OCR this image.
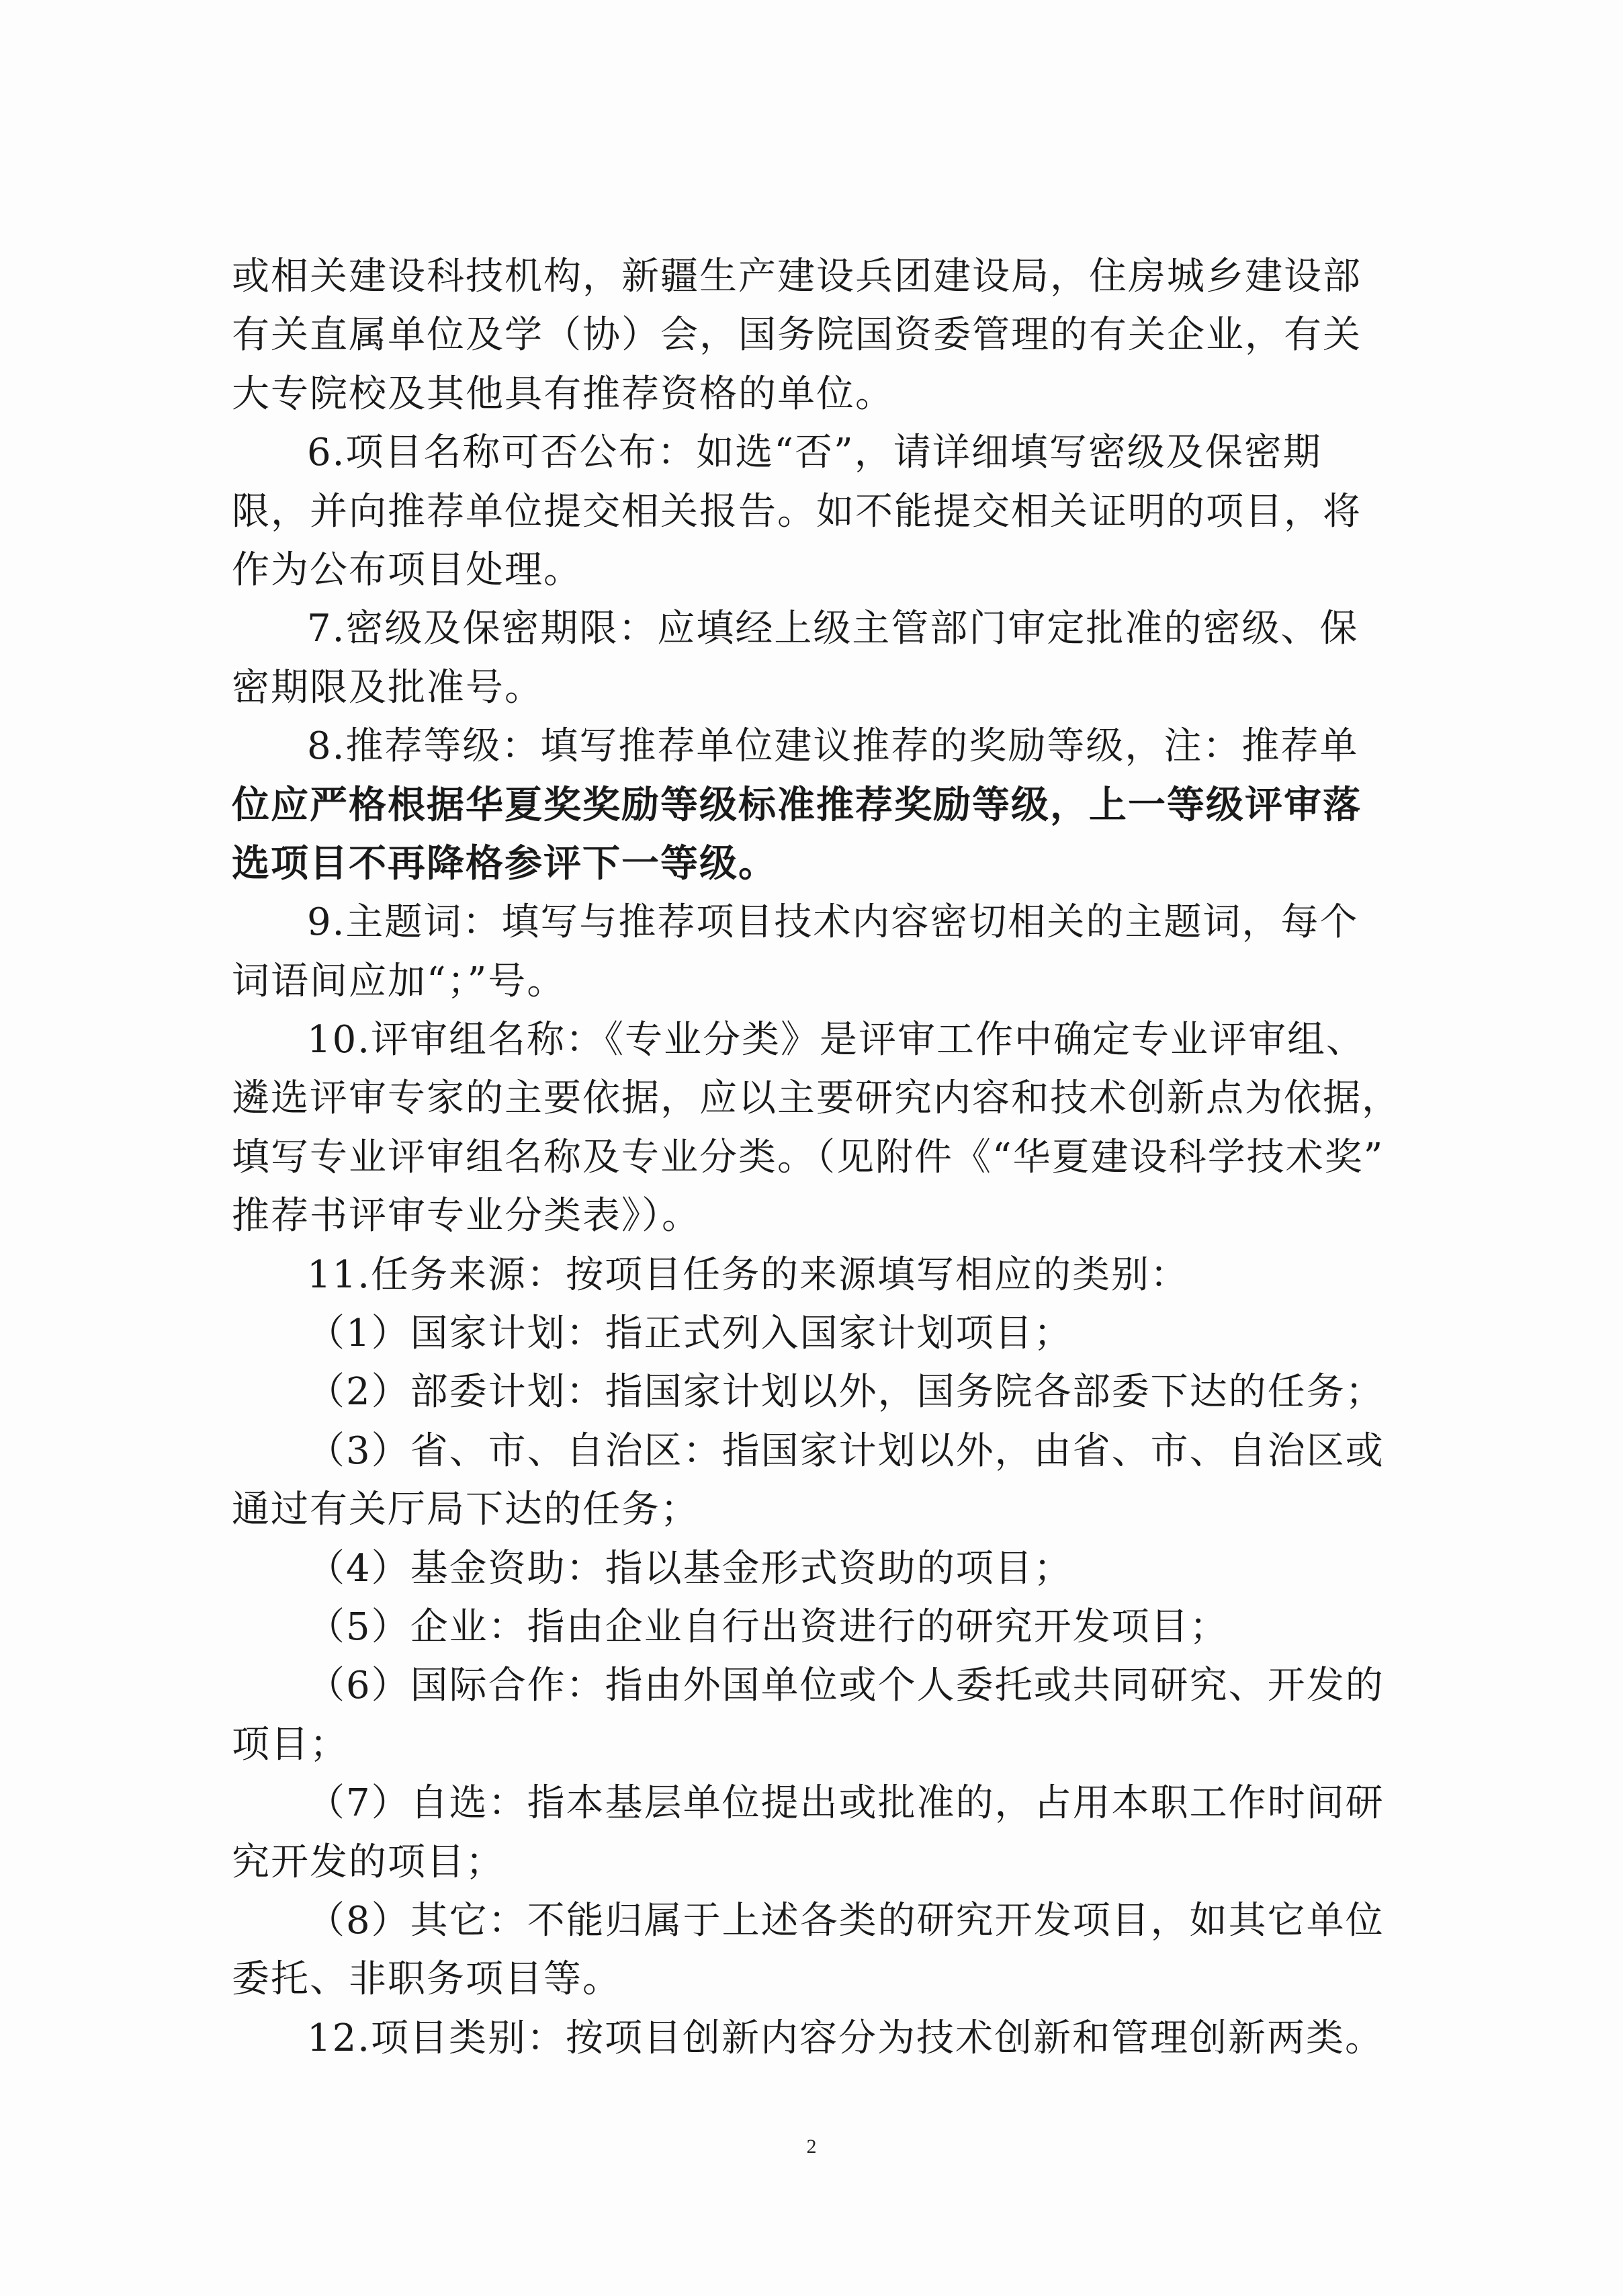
或相关建设科技机构，新疆生产建设兵团建设局，住房城乡建设部
有关直属单位及学（协）会，国务院国资委管理的有关企业，有关
大专院校及其他具有推荐资格的单位。
6.项目名称可否公布：如选“否”，请详细填写密级及保密期
限，并向推荐单位提交相关报告。如不能提交相关证明的项目，将
作为公布项目处理。
7.密级及保密期限：应填经上级主管部门审定批准的密级、保
密期限及批准号。
8.推荐等级：填写推荐单位建议推荐的奖励等级，注：推荐单
位应严格根据华夏奖奖励等级标准推荐奖励等级，上一等级评审落
选项目不再降格参评下一等级。
9.主题词：填写与推荐项目技术内容密切相关的主题词，每个
词语间应加“；”号。
10.评审组名称：《专业分类》是评审工作中确定专业评审组、
遴选评审专家的主要依据，应以主要研究内容和技术创新点为依据，
填写专业评审组名称及专业分类。（见附件《“华夏建设科学技术奖”
推荐书评审专业分类表》）。
11.任务来源：按项目任务的来源填写相应的类别：
（1）国家计划：指正式列入国家计划项目；
（2）部委计划：指国家计划以外，国务院各部委下达的任务；
（3）省、市、自治区：指国家计划以外，由省、市、自治区或
通过有关厅局下达的任务；
（4）基金资助：指以基金形式资助的项目；
（5）企业：指由企业自行出资进行的研究开发项目；
（6）国际合作：指由外国单位或个人委托或共同研究、开发的
项目；
（7）自选：指本基层单位提出或批准的，占用本职工作时间研
究开发的项目；
（8）其它：不能归属于上述各类的研究开发项目，如其它单位
委托、非职务项目等。
12.项目类别：按项目创新内容分为技术创新和管理创新两类。
2
